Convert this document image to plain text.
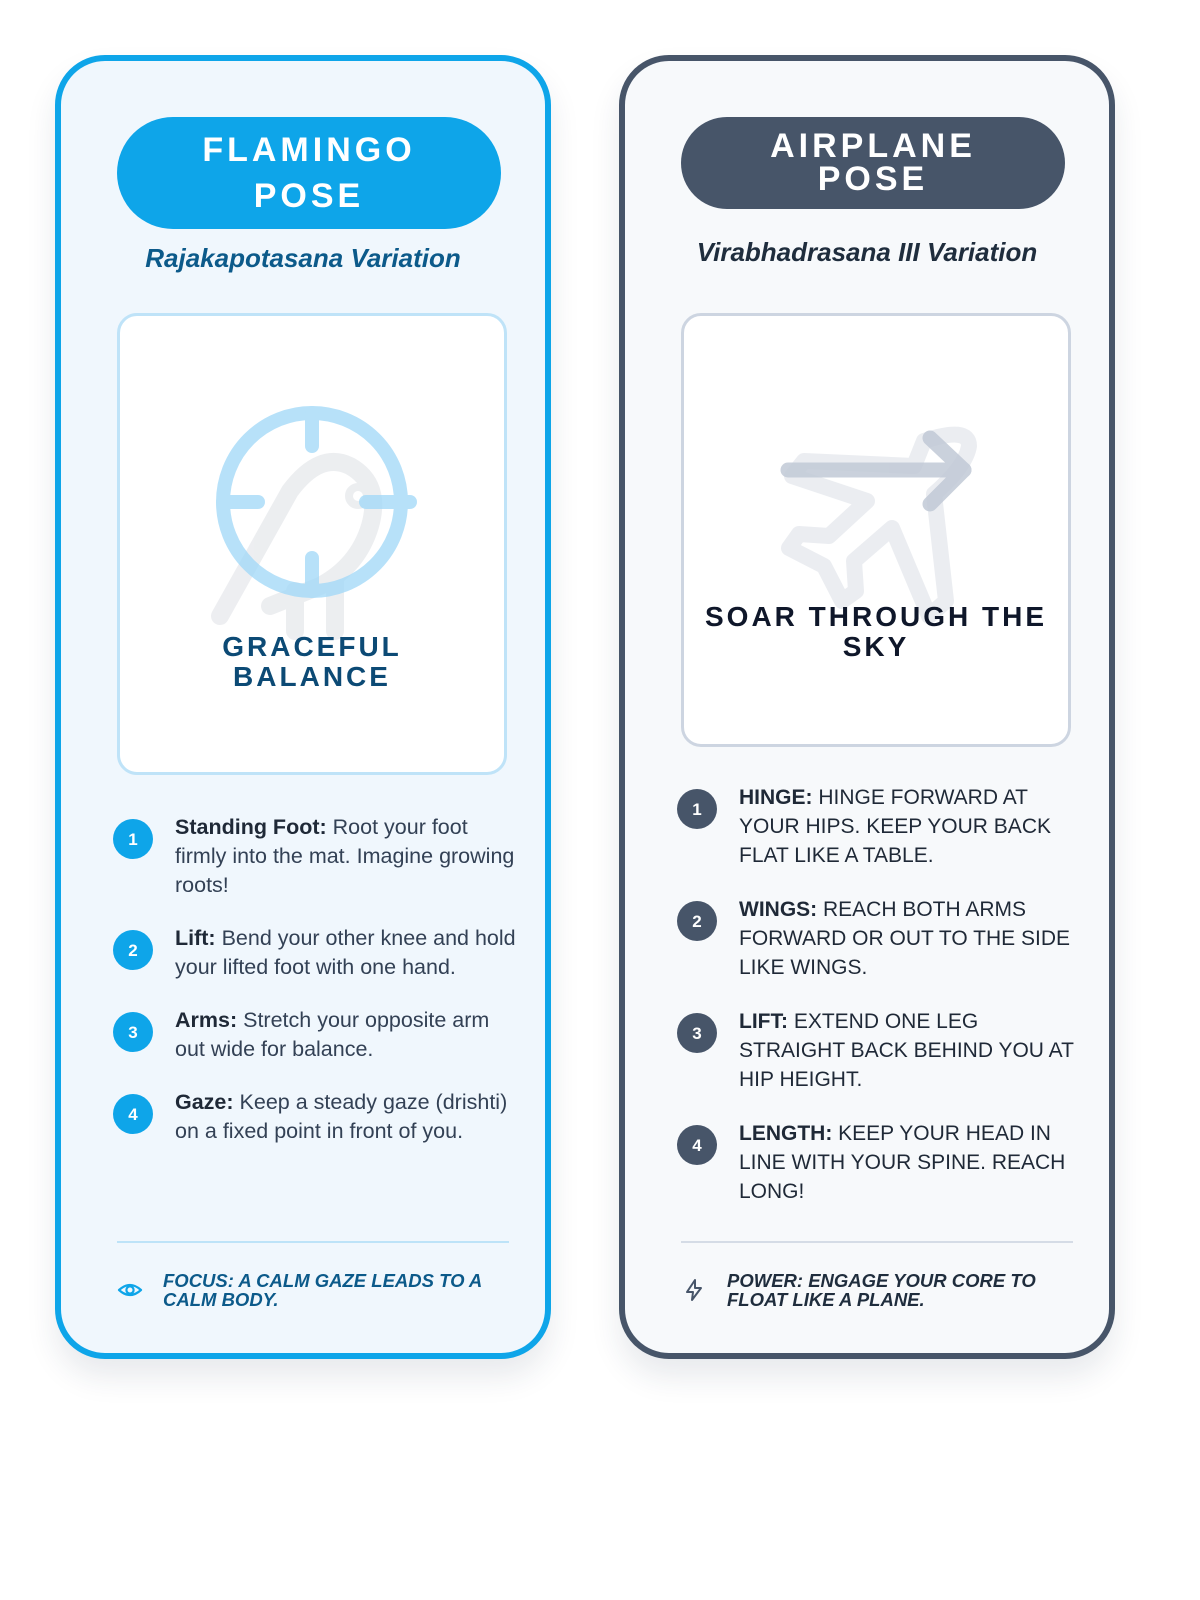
FLAMINGO POSE
Rajakapotasana Variation
GRACEFUL BALANCE
1	Standing Foot: Root your foot firmly into the mat. Imagine growing roots!
2	Lift: Bend your other knee and hold your lifted foot with one hand.
3	Arms: Stretch your opposite arm out wide for balance.
4	Gaze: Keep a steady gaze (drishti) on a fixed point in front of you.
FOCUS: A CALM GAZE LEADS TO A CALM BODY.
AIRPLANE POSE
Virabhadrasana III Variation
SOAR THROUGH THE SKY
1	HINGE: HINGE FORWARD AT YOUR HIPS. KEEP YOUR BACK FLAT LIKE A TABLE.
2	WINGS: REACH BOTH ARMS FORWARD OR OUT TO THE SIDE LIKE WINGS.
3	LIFT: EXTEND ONE LEG STRAIGHT BACK BEHIND YOU AT HIP HEIGHT.
4	LENGTH: KEEP YOUR HEAD IN LINE WITH YOUR SPINE. REACH LONG!
POWER: ENGAGE YOUR CORE TO FLOAT LIKE A PLANE.
